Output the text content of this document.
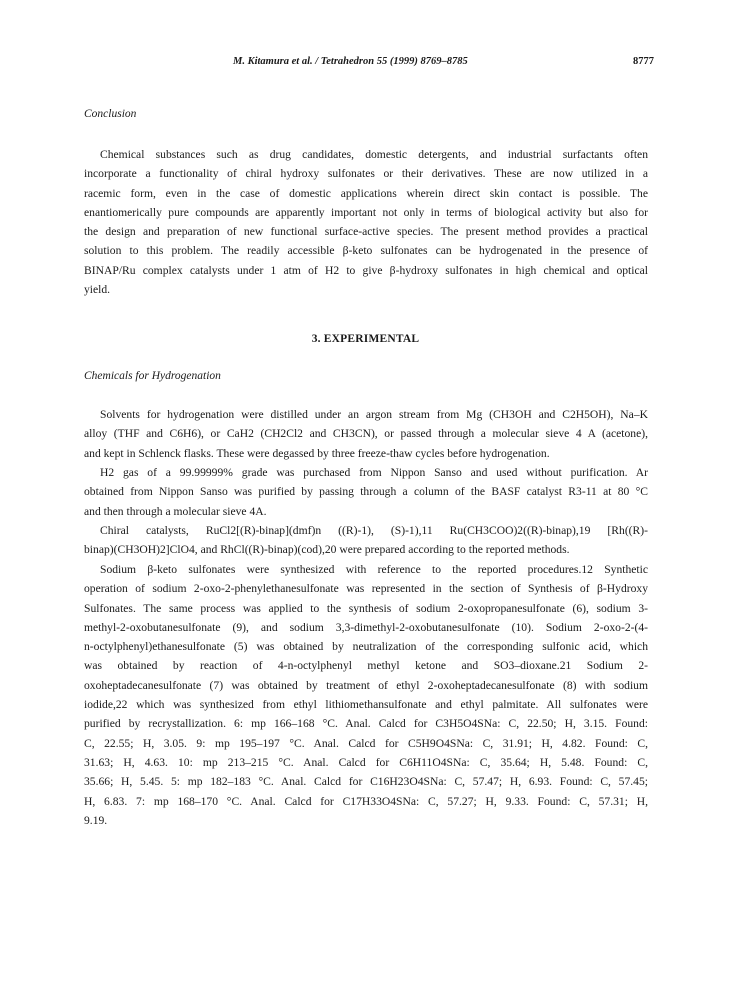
M. Kitamura et al. / Tetrahedron 55 (1999) 8769–8785	8777
Conclusion
Chemical substances such as drug candidates, domestic detergents, and industrial surfactants often
incorporate a functionality of chiral hydroxy sulfonates or their derivatives. These are now utilized in a
racemic form, even in the case of domestic applications wherein direct skin contact is possible. The
enantiomerically pure compounds are apparently important not only in terms of biological activity but also for
the design and preparation of new functional surface-active species. The present method provides a practical
solution to this problem. The readily accessible β-keto sulfonates can be hydrogenated in the presence of
BINAP/Ru complex catalysts under 1 atm of H2 to give β-hydroxy sulfonates in high chemical and optical
yield.
3. EXPERIMENTAL
Chemicals for Hydrogenation
Solvents for hydrogenation were distilled under an argon stream from Mg (CH3OH and C2H5OH), Na–K
alloy (THF and C6H6), or CaH2 (CH2Cl2 and CH3CN), or passed through a molecular sieve 4 A (acetone),
and kept in Schlenck flasks. These were degassed by three freeze-thaw cycles before hydrogenation.
H2 gas of a 99.99999% grade was purchased from Nippon Sanso and used without purification. Ar
obtained from Nippon Sanso was purified by passing through a column of the BASF catalyst R3-11 at 80 °C
and then through a molecular sieve 4A.
Chiral catalysts, RuCl2[(R)-binap](dmf)n ((R)-1), (S)-1),11 Ru(CH3COO)2((R)-binap),19 [Rh((R)-
binap)(CH3OH)2]ClO4, and RhCl((R)-binap)(cod),20 were prepared according to the reported methods.
Sodium β-keto sulfonates were synthesized with reference to the reported procedures.12 Synthetic
operation of sodium 2-oxo-2-phenylethanesulfonate was represented in the section of Synthesis of β-Hydroxy
Sulfonates. The same process was applied to the synthesis of sodium 2-oxopropanesulfonate (6), sodium 3-
methyl-2-oxobutanesulfonate (9), and sodium 3,3-dimethyl-2-oxobutanesulfonate (10). Sodium 2-oxo-2-(4-
n-octylphenyl)ethanesulfonate (5) was obtained by neutralization of the corresponding sulfonic acid, which
was obtained by reaction of 4-n-octylphenyl methyl ketone and SO3–dioxane.21 Sodium 2-
oxoheptadecanesulfonate (7) was obtained by treatment of ethyl 2-oxoheptadecanesulfonate (8) with sodium
iodide,22 which was synthesized from ethyl lithiomethansulfonate and ethyl palmitate. All sulfonates were
purified by recrystallization. 6: mp 166–168 °C. Anal. Calcd for C3H5O4SNa: C, 22.50; H, 3.15. Found:
C, 22.55; H, 3.05. 9: mp 195–197 °C. Anal. Calcd for C5H9O4SNa: C, 31.91; H, 4.82. Found: C,
31.63; H, 4.63. 10: mp 213–215 °C. Anal. Calcd for C6H11O4SNa: C, 35.64; H, 5.48. Found: C,
35.66; H, 5.45. 5: mp 182–183 °C. Anal. Calcd for C16H23O4SNa: C, 57.47; H, 6.93. Found: C, 57.45;
H, 6.83. 7: mp 168–170 °C. Anal. Calcd for C17H33O4SNa: C, 57.27; H, 9.33. Found: C, 57.31; H,
9.19.
